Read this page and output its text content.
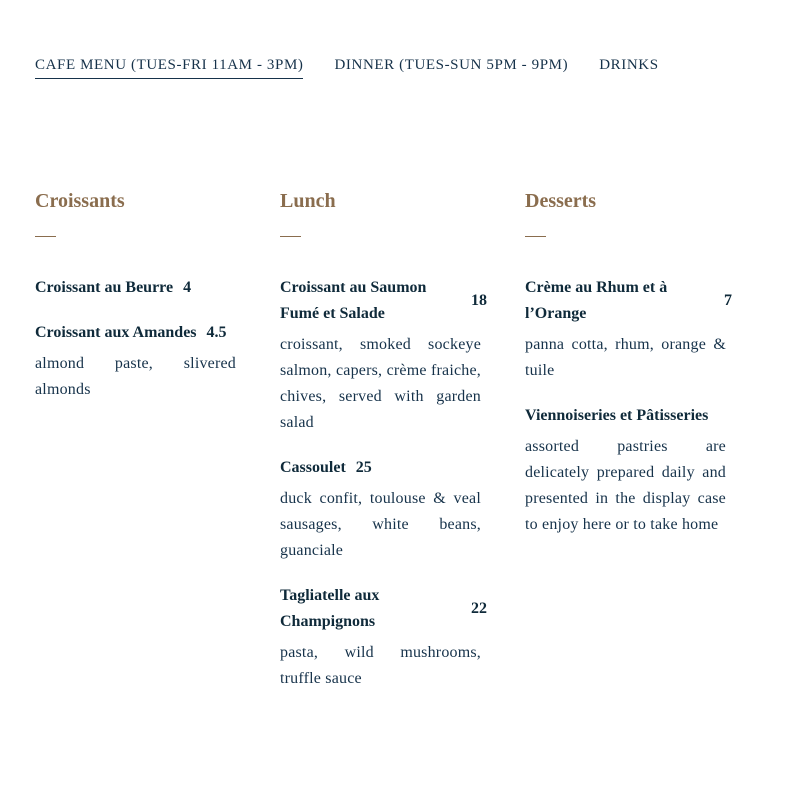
CAFE MENU (TUES-FRI 11AM - 3PM) DINNER (TUES-SUN 5PM - 9PM) DRINKS
Croissants
Croissant au Beurre 4
Croissant aux Amandes 4.5
almond paste, slivered almonds
Lunch
Croissant au Saumon Fumé et Salade
18
croissant, smoked sockeye salmon, capers, crème fraiche, chives, served with garden salad
Cassoulet 25
duck confit, toulouse & veal sausages, white beans, guanciale
Tagliatelle aux Champignons
22
pasta, wild mushrooms, truffle sauce
Desserts
Crème au Rhum et à l’Orange
7
panna cotta, rhum, orange & tuile
Viennoiseries et Pâtisseries
assorted pastries are delicately prepared daily and presented in the display case to enjoy here or to take home
